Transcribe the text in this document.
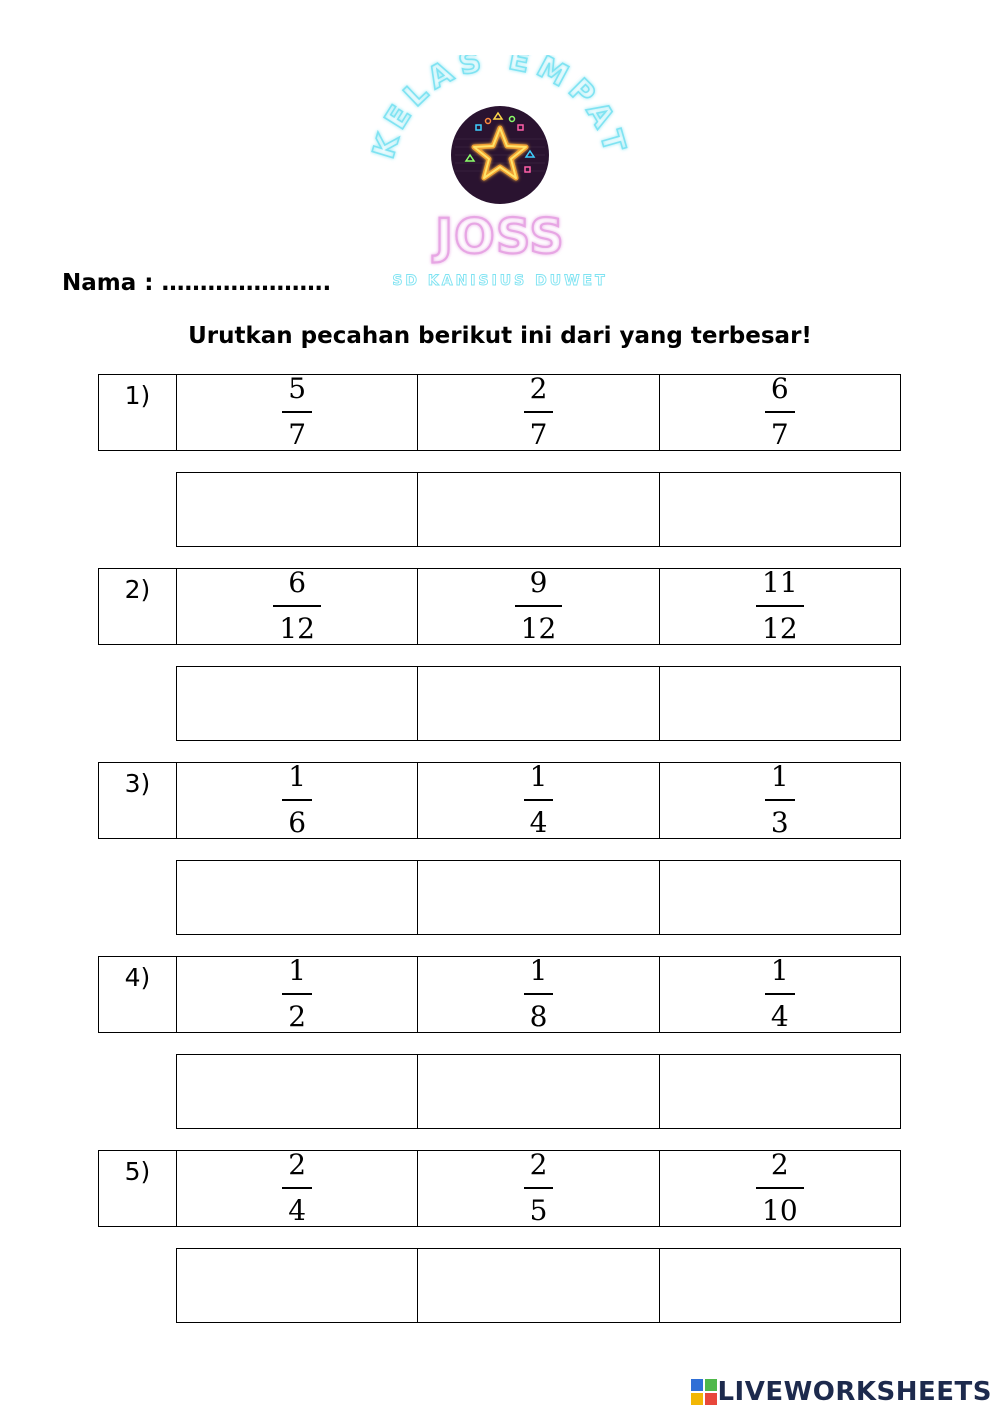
KELAS EMPAT
JOSS
SD KANISIUS DUWET
Nama : ………………….
Urutkan pecahan berikut ini dari yang terbesar!
1)	$\frac{5}{7}$	$\frac{2}{7}$	$\frac{6}{7}$
2)	$\frac{6}{12}$	$\frac{9}{12}$	$\frac{11}{12}$
3)	$\frac{1}{6}$	$\frac{1}{4}$	$\frac{1}{3}$
4)	$\frac{1}{2}$	$\frac{1}{8}$	$\frac{1}{4}$
5)	$\frac{2}{4}$	$\frac{2}{5}$	$\frac{2}{10}$
LIVEWORKSHEETS
